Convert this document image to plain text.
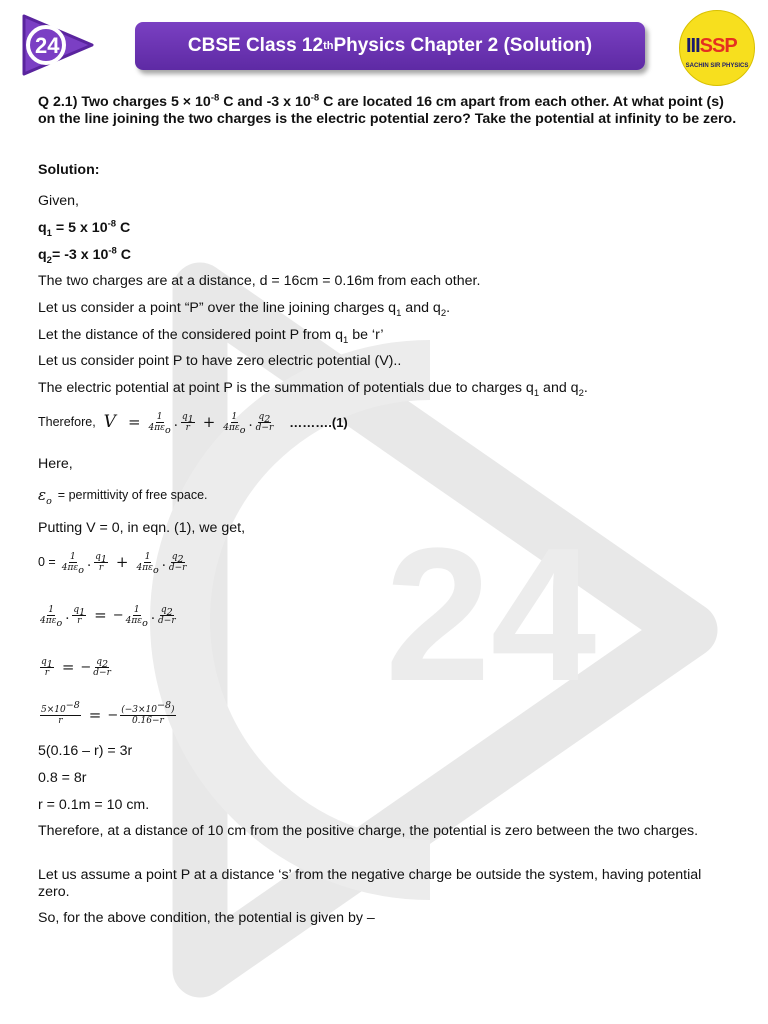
24
24	CBSE Class 12 th Physics Chapter 2 (Solution)	IIISSP
SACHIN SIR PHYSICS

Q 2.1) Two charges $5 \times 10^{-8}$ C and -3 x $10^{-8}$ C are located 16 cm apart from each other. At what point (s) on the line joining the two charges is the electric potential zero? Take the potential at infinity to be zero.

Solution:

Given,

$q_1 = 5$ x $10^{-8}$ C

$q_2= -3$ x $10^{-8}$ C

The two charges are at a distance, d = 16cm = 0.16m from each other.

Let us consider a point “P” over the line joining charges $q_1$ and $q_2$.

Let the distance of the considered point P from $q_1$ be ‘r’

Let us consider point P to have zero electric potential (V)..

The electric potential at point P is the summation of potentials due to charges $q_1$ and $q_2$.

Therefore, $V = \frac{1}{4\pi\varepsilon_o}$ . $\frac{q_1}{r} + \frac{1}{4\pi\varepsilon_o}$ . $\frac{q_2}{d-r}$ ……….(1)

Here,

$\varepsilon_o$ = permittivity of free space.

Putting V = 0, in eqn. (1), we get,

$0 = \frac{1}{4\pi\varepsilon_o}$ . $\frac{q_1}{r} + \frac{1}{4\pi\varepsilon_o}$ . $\frac{q_2}{d-r}$
$\frac{1}{4\pi\varepsilon_o}$ . $\frac{q_1}{r}$ = − $\frac{1}{4\pi\varepsilon_o}$ . $\frac{q_2}{d-r}$
$\frac{q_1}{r}$ = − $\frac{q_2}{d-r}$
$\frac{5\times 10^{-8}}{r}$ = − $\frac{(-3\times 10^{-8})}{0.16-r}$

5(0.16 – r) = 3r

0.8 = 8r

r = 0.1m = 10 cm.

Therefore, at a distance of 10 cm from the positive charge, the potential is zero between the two charges.

Let us assume a point P at a distance ‘s’ from the negative charge be outside the system, having potential zero.

So, for the above condition, the potential is given by –
